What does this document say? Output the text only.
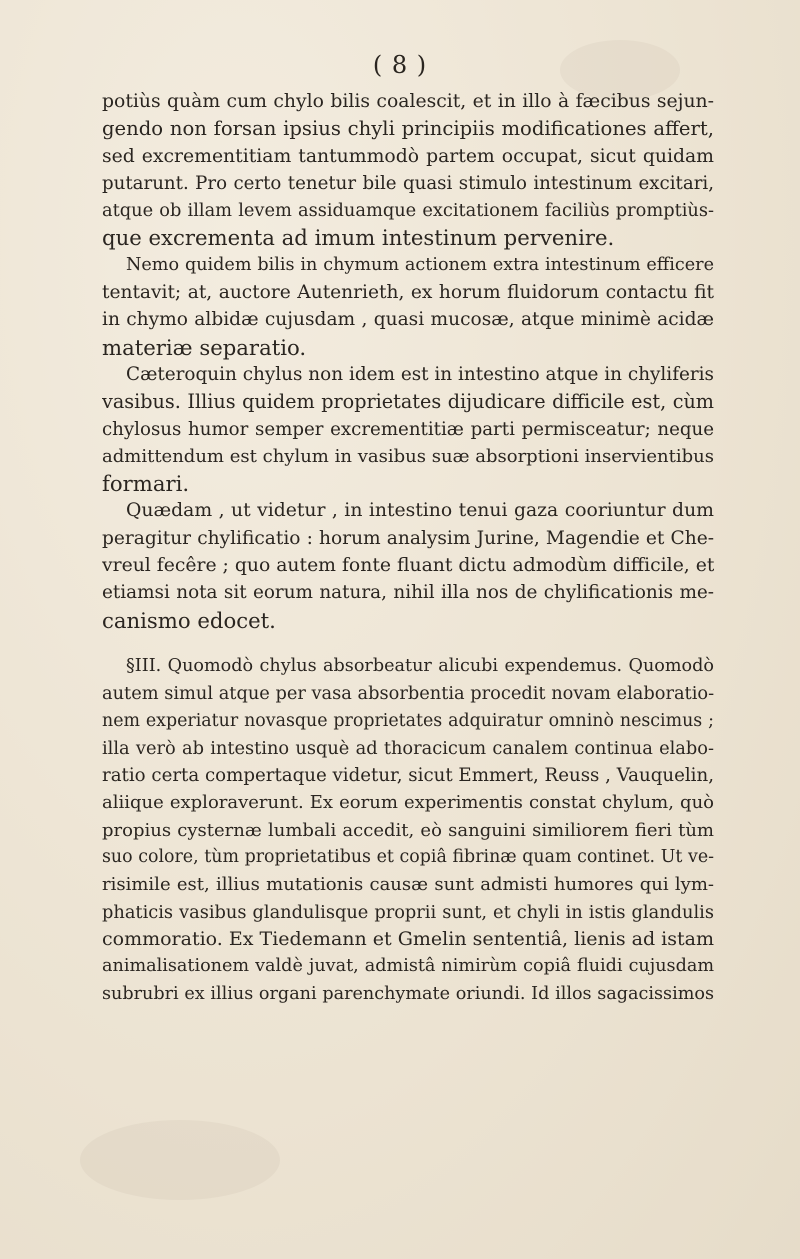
( 8 )

potiùs quàm cum chylo bilis coalescit, et in illo à fæcibus sejun-
gendo non forsan ipsius chyli principiis modificationes affert,
sed excrementitiam tantummodò partem occupat, sicut quidam
putarunt. Pro certo tenetur bile quasi stimulo intestinum excitari,
atque ob illam levem assiduamque excitationem faciliùs promptiùs-
que excrementa ad imum intestinum pervenire.

Nemo quidem bilis in chymum actionem extra intestinum efficere
tentavit; at, auctore Autenrieth, ex horum fluidorum contactu fit
in chymo albidæ cujusdam , quasi mucosæ, atque minimè acidæ
materiæ separatio.

Cæteroquin chylus non idem est in intestino atque in chyliferis
vasibus. Illius quidem proprietates dijudicare difficile est, cùm
chylosus humor semper excrementitiæ parti permisceatur; neque
admittendum est chylum in vasibus suæ absorptioni inservientibus
formari.

Quædam , ut videtur , in intestino tenui gaza cooriuntur dum
peragitur chylificatio : horum analysim Jurine, Magendie et Che-
vreul fecêre ; quo autem fonte fluant dictu admodùm difficile, et
etiamsi nota sit eorum natura, nihil illa nos de chylificationis me-
canismo edocet.

§III. Quomodò chylus absorbeatur alicubi expendemus. Quomodò
autem simul atque per vasa absorbentia procedit novam elaboratio-
nem experiatur novasque proprietates adquiratur omninò nescimus ;
illa verò ab intestino usquè ad thoracicum canalem continua elabo-
ratio certa compertaque videtur, sicut Emmert, Reuss , Vauquelin,
aliique exploraverunt. Ex eorum experimentis constat chylum, quò
propius cysternæ lumbali accedit, eò sanguini similiorem fieri tùm
suo colore, tùm proprietatibus et copiâ fibrinæ quam continet. Ut ve-
risimile est, illius mutationis causæ sunt admisti humores qui lym-
phaticis vasibus glandulisque proprii sunt, et chyli in istis glandulis
commoratio. Ex Tiedemann et Gmelin sententiâ, lienis ad istam
animalisationem valdè juvat, admistâ nimirùm copiâ fluidi cujusdam
subrubri ex illius organi parenchymate oriundi. Id illos sagacissimos
